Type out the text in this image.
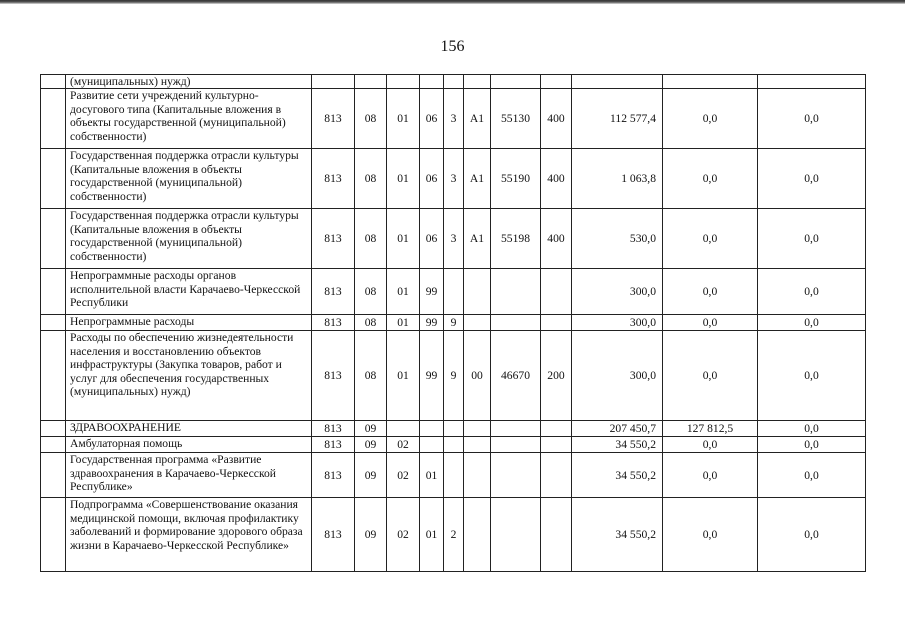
156
	(муниципальных) нужд)											
	Развитие сети учреждений культурно-досугового типа (Капитальные вложения в объекты государственной (муниципальной) собственности)	813	08	01	06	3	А1	55130	400	112 577,4	0,0	0,0
	Государственная поддержка отрасли культуры (Капитальные вложения в объекты государственной (муниципальной) собственности)	813	08	01	06	3	А1	55190	400	1 063,8	0,0	0,0
	Государственная поддержка отрасли культуры (Капитальные вложения в объекты государственной (муниципальной) собственности)	813	08	01	06	3	А1	55198	400	530,0	0,0	0,0
	Непрограммные расходы органов исполнительной власти Карачаево-Черкесской Республики	813	08	01	99					300,0	0,0	0,0
	Непрограммные расходы	813	08	01	99	9				300,0	0,0	0,0
	Расходы по обеспечению жизнедеятельности населения и восстановлению объектов инфраструктуры (Закупка товаров, работ и услуг для обеспечения государственных (муниципальных) нужд)	813	08	01	99	9	00	46670	200	300,0	0,0	0,0
	ЗДРАВООХРАНЕНИЕ	813	09							207 450,7	127 812,5	0,0
	Амбулаторная помощь	813	09	02						34 550,2	0,0	0,0
	Государственная программа «Развитие здравоохранения в Карачаево-Черкесской Республике»	813	09	02	01					34 550,2	0,0	0,0
	Подпрограмма «Совершенствование оказания медицинской помощи, включая профилактику заболеваний и формирование здорового образа жизни в Карачаево-Черкесской Республике»	813	09	02	01	2				34 550,2	0,0	0,0
